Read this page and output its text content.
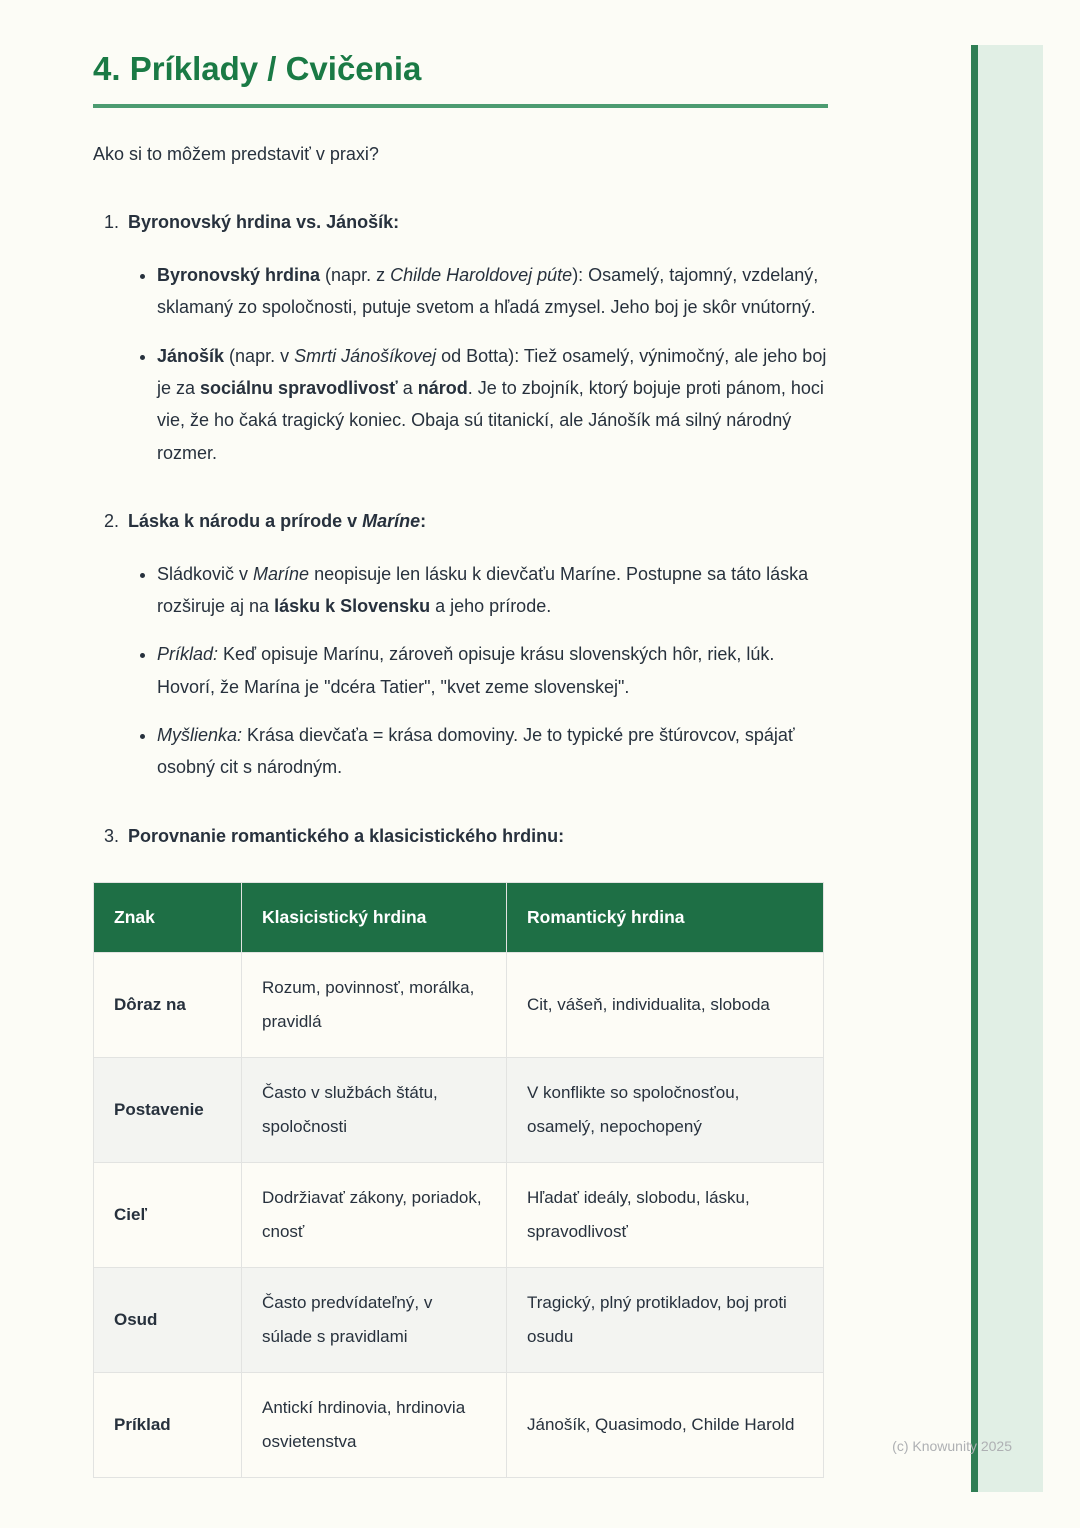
4. Príklady / Cvičenia

Ako si to môžem predstaviť v praxi?

1. Byronovský hrdina vs. Jánošík:
• Byronovský hrdina (napr. z Childe Haroldovej púte): Osamelý, tajomný, vzdelaný, sklamaný zo spoločnosti, putuje svetom a hľadá zmysel. Jeho boj je skôr vnútorný.
• Jánošík (napr. v Smrti Jánošíkovej od Botta): Tiež osamelý, výnimočný, ale jeho boj je za sociálnu spravodlivosť a národ. Je to zbojník, ktorý bojuje proti pánom, hoci vie, že ho čaká tragický koniec. Obaja sú titanickí, ale Jánošík má silný národný rozmer.
2. Láska k národu a prírode v Maríne:
• Sládkovič v Maríne neopisuje len lásku k dievčaťu Maríne. Postupne sa táto láska rozširuje aj na lásku k Slovensku a jeho prírode.
• Príklad: Keď opisuje Marínu, zároveň opisuje krásu slovenských hôr, riek, lúk. Hovorí, že Marína je "dcéra Tatier", "kvet zeme slovenskej".
• Myšlienka: Krása dievčaťa = krása domoviny. Je to typické pre štúrovcov, spájať osobný cit s národným.
3. Porovnanie romantického a klasicistického hrdinu:
Znak	Klasicistický hrdina	Romantický hrdina
Dôraz na	Rozum, povinnosť, morálka, pravidlá	Cit, vášeň, individualita, sloboda
Postavenie	Často v službách štátu, spoločnosti	V konflikte so spoločnosťou, osamelý, nepochopený
Cieľ	Dodržiavať zákony, poriadok, cnosť	Hľadať ideály, slobodu, lásku, spravodlivosť
Osud	Často predvídateľný, v súlade s pravidlami	Tragický, plný protikladov, boj proti osudu
Príklad	Antickí hrdinovia, hrdinovia osvietenstva	Jánošík, Quasimodo, Childe Harold
(c) Knowunity 2025
